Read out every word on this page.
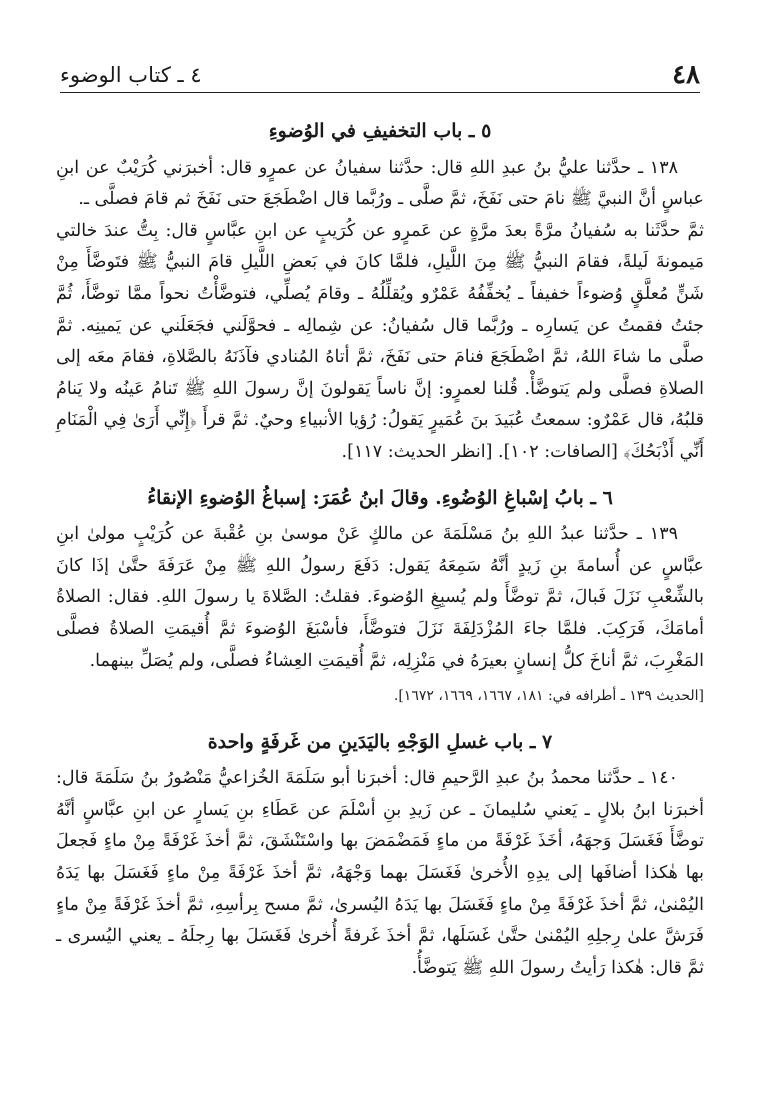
٤٨
٤ ـ كتاب الوضوء
٥ ـ باب التخفيفِ في الوُضوءِ

١٣٨ ـ حدَّثنا عليُّ بنُ عبدِ اللهِ قال: حدَّثنا سفيانُ عن عمرٍو قال: أخبرَني كُرَيْبٌ عن ابنِ عباسٍ أنَّ النبيَّ ﷺ نامَ حتى نَفَخَ، ثمَّ صلَّى ـ ورُبَّما قال اضْطَجَعَ حتى نَفَخَ ثم قامَ فصلَّى ـ.

ثمَّ حدَّثَنا به سُفيانُ مرَّةً بعدَ مرَّةٍ عن عَمرٍو عن كُرَيبٍ عن ابنِ عبَّاسٍ قال: بِتُّ عندَ خالتي مَيمونةَ لَيلةً، فقامَ النبيُّ ﷺ مِنَ اللَّيلِ، فلمَّا كانَ في بَعضِ اللَّيلِ قامَ النبيُّ ﷺ فتَوضَّأَ مِنْ شَنٍّ مُعلَّقٍ وُضوءاً خفيفاً ـ يُخفِّفُهُ عَمْرٌو ويُقلِّلُهُ ـ وقامَ يُصلِّي، فتوضَّأْتُ نحواً ممَّا توضَّأَ، ثُمَّ جئتُ فقمتُ عن يَسارِه ـ ورُبَّما قال سُفيانُ: عن شِمالِه ـ فحوَّلَني فجَعَلَني عن يَمينِه. ثمَّ صلَّى ما شاءَ اللهُ، ثمَّ اضْطَجَعَ فنامَ حتى نَفَخَ، ثمَّ أتاهُ المُنادي فآذَنَهُ بالصَّلاةِ، فقامَ معَه إلى الصلاةِ فصلَّى ولم يَتوضَّأْ. قُلنا لعمرٍو: إنَّ ناساً يَقولونَ إنَّ رسولَ اللهِ ﷺ تَنامُ عَينُه ولا يَنامُ قلبُهُ، قال عَمْرٌو: سمعتُ عُبَيدَ بنَ عُمَيرٍ يَقولُ: رُؤيا الأنبياءِ وحيٌ. ثمَّ قرأَ ﴿إِنِّي أَرَىٰ فِي الْمَنَامِ أَنِّي أَذْبَحُكَ﴾ [الصافات: ١٠٢]. [انظر الحديث: ١١٧].

٦ ـ بابُ إسْباغِ الوُضُوءِ. وقالَ ابنُ عُمَرَ: إسباغُ الوُضوءِ الإنقاءُ

١٣٩ ـ حدَّثنا عبدُ اللهِ بنُ مَسْلَمَةَ عن مالكٍ عَنْ موسىٰ بنِ عُقْبةَ عن كُرَيْبٍ مولىٰ ابنِ عبَّاسٍ عن أُسامةَ بنِ زَيدٍ أنَّهُ سَمِعَهُ يَقول: دَفَعَ رسولُ اللهِ ﷺ مِنْ عَرَفَةَ حتَّىٰ إذَا كانَ بالشِّعْبِ نَزَلَ فَبالَ، ثمَّ توضَّأَ ولم يُسبِغِ الوُضوءَ. فقلتُ: الصَّلاةَ يا رسولَ اللهِ. فقال: الصلاةُ أمامَكَ، فَرَكِبَ. فلمَّا جاءَ المُزْدَلِفَةَ نَزَلَ فتوضَّأَ، فأسْبَغَ الوُضوءَ ثمَّ أُقيمَتِ الصلاةُ فصلَّى المَغْرِبَ، ثمَّ أناخَ كلُّ إنسانٍ بعيرَهُ في مَنْزِلِه، ثمَّ أُقيمَتِ العِشاءُ فصلَّى، ولم يُصَلِّ بينهما.

[الحديث ١٣٩ ـ أطرافه في: ١٨١، ١٦٦٧، ١٦٦٩، ١٦٧٢].
٧ ـ باب غسلِ الوَجْهِ باليَدَينِ من غَرفَةٍ واحدة

١٤٠ ـ حدَّثنا محمدُ بنُ عبدِ الرَّحيمِ قال: أخبرَنا أبو سَلَمَةَ الخُزاعيُّ مَنْصُورُ بنُ سَلَمَةَ قال: أخبرَنا ابنُ بلالٍ ـ يَعني سُليمانَ ـ عن زَيدِ بنِ أسْلَمَ عن عَطَاءِ بنِ يَسارٍ عن ابنِ عبَّاسٍ أنَّهُ توضَّأَ فَغَسَلَ وَجهَهُ، أخَذَ غَرْفَةً من ماءٍ فَمَضْمَضَ بها واسْتَنْشَقَ، ثمَّ أخذَ غَرْفَةً مِنْ ماءٍ فَجعلَ بها هٰكذا أضافَها إلى يدِهِ الأُخرىٰ فَغَسَلَ بهما وَجْهَهُ، ثمَّ أخذَ غَرْفَةً مِنْ ماءٍ فَغَسَلَ بها يَدَهُ اليُمْنىٰ، ثمَّ أخذَ غَرْفَةً مِنْ ماءٍ فَغَسَلَ بها يَدَهُ اليُسرىٰ، ثمَّ مسح بِرأسِهِ، ثمَّ أخذَ غَرْفَةً مِنْ ماءٍ فَرَشَّ علىٰ رِجلِهِ اليُمْنىٰ حتَّىٰ غَسَلَها، ثمَّ أخذَ غَرفةً أُخرىٰ فَغَسَلَ بها رِجلَهُ ـ يعني اليُسرى ـ ثمَّ قال: هٰكذا رَأيتُ رسولَ اللهِ ﷺ يَتوضَّأُ.
